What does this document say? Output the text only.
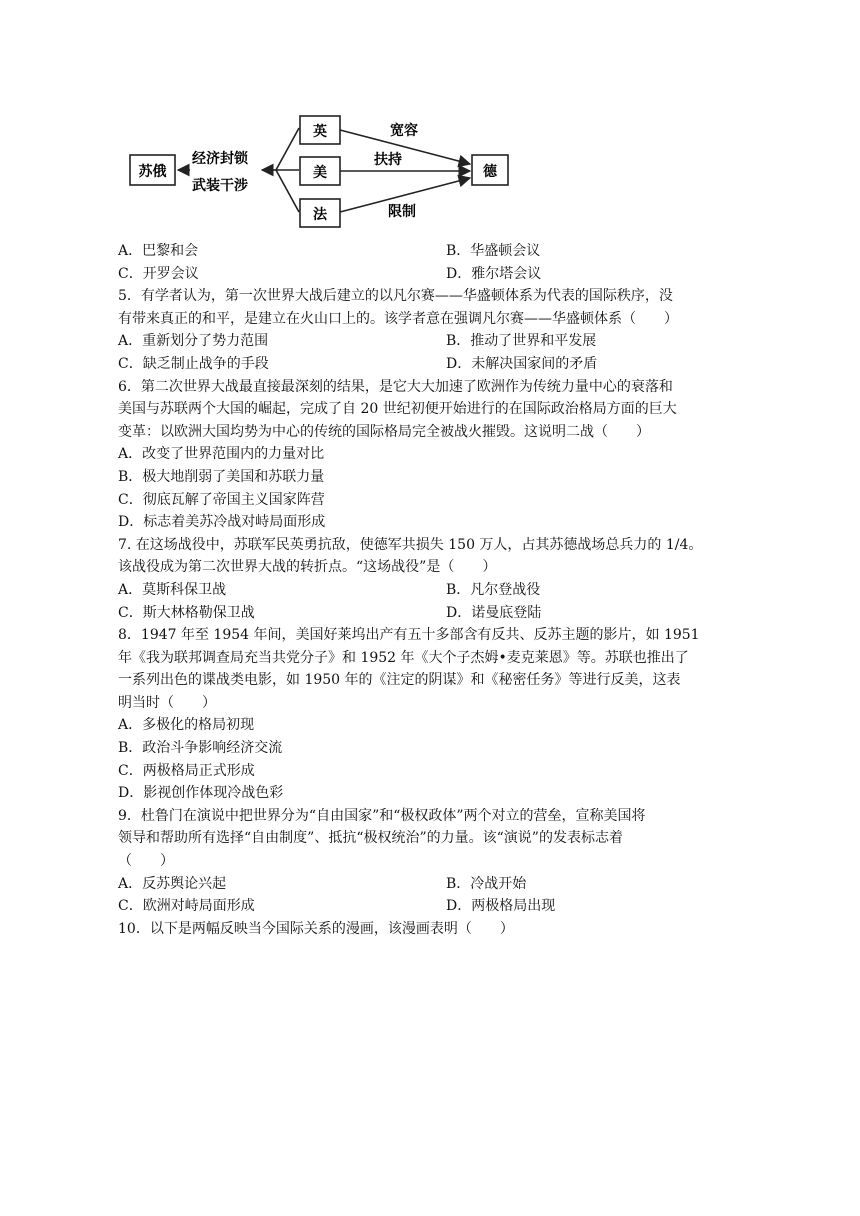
苏俄
经济封锁
武装干涉
英
美
法
宽容
扶持
限制
德
A．巴黎和会	B．华盛顿会议
C．开罗会议	D．雅尔塔会议
5．有学者认为，第一次世界大战后建立的以凡尔赛——华盛顿体系为代表的国际秩序，没
有带来真正的和平，是建立在火山口上的。该学者意在强调凡尔赛——华盛顿体系（　　）
A．重新划分了势力范围	B．推动了世界和平发展
C．缺乏制止战争的手段	D．未解决国家间的矛盾
6．第二次世界大战最直接最深刻的结果，是它大大加速了欧洲作为传统力量中心的衰落和
美国与苏联两个大国的崛起，完成了自 20 世纪初便开始进行的在国际政治格局方面的巨大
变革：以欧洲大国均势为中心的传统的国际格局完全被战火摧毁。这说明二战（　　）
A．改变了世界范围内的力量对比
B．极大地削弱了美国和苏联力量
C．彻底瓦解了帝国主义国家阵营
D．标志着美苏冷战对峙局面形成
7. 在这场战役中，苏联军民英勇抗敌，使德军共损失 150 万人，占其苏德战场总兵力的 1/4。
该战役成为第二次世界大战的转折点。“这场战役”是（　　）
A．莫斯科保卫战	B．凡尔登战役
C．斯大林格勒保卫战	D．诺曼底登陆
8．1947 年至 1954 年间，美国好莱坞出产有五十多部含有反共、反苏主题的影片，如 1951
年《我为联邦调查局充当共党分子》和 1952 年《大个子杰姆•麦克莱恩》等。苏联也推出了
一系列出色的谍战类电影，如 1950 年的《注定的阴谋》和《秘密任务》等进行反美，这表
明当时（　　）
A．多极化的格局初现
B．政治斗争影响经济交流
C．两极格局正式形成
D．影视创作体现冷战色彩
9．杜鲁门在演说中把世界分为“自由国家”和“极权政体”两个对立的营垒，宣称美国将
领导和帮助所有选择“自由制度”、抵抗“极权统治”的力量。该“演说”的发表标志着
（　　）
A．反苏舆论兴起	B．冷战开始
C．欧洲对峙局面形成	D．两极格局出现
10．以下是两幅反映当今国际关系的漫画，该漫画表明（　　）
